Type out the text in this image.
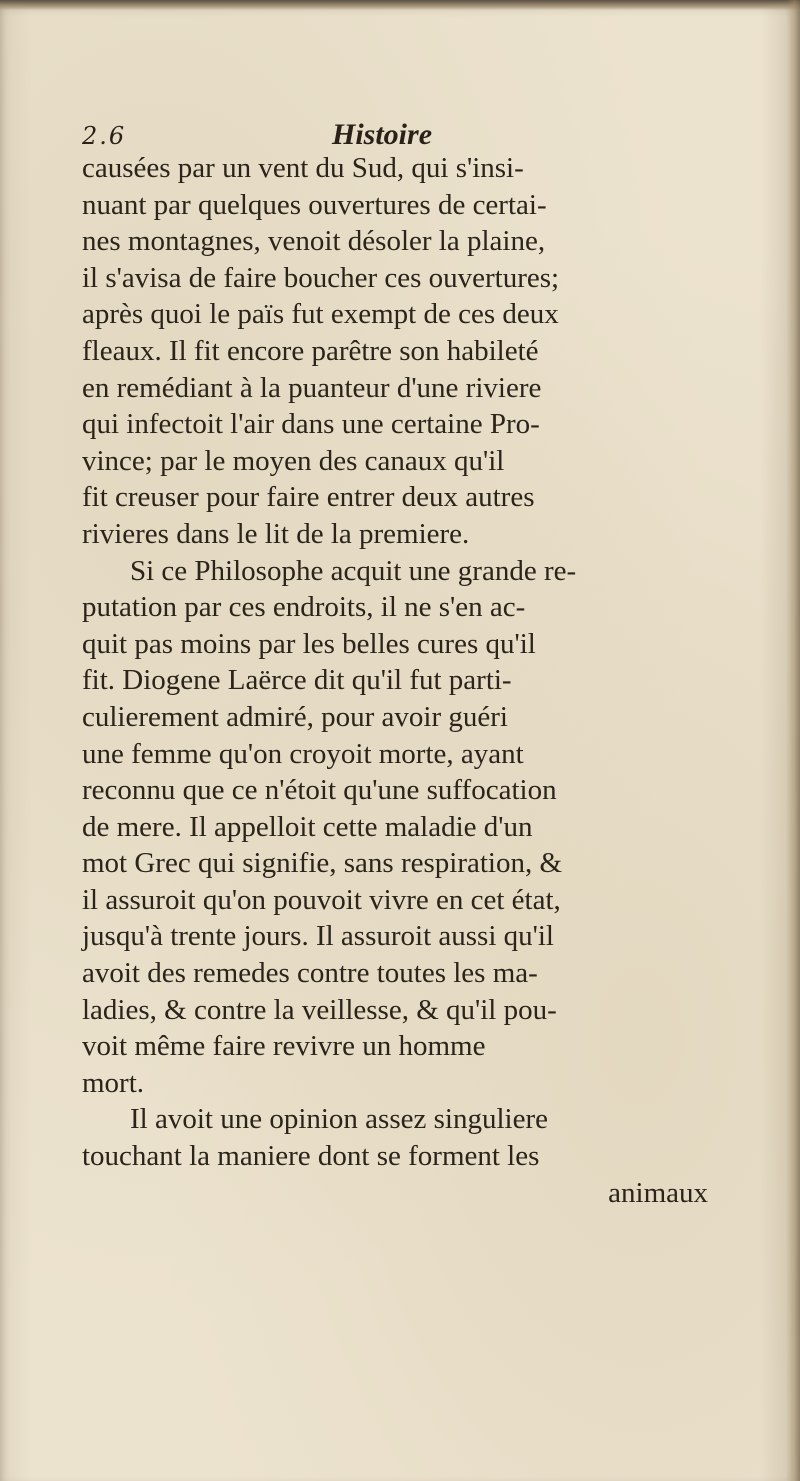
2.6	Histoire
causées par un vent du Sud, qui s'insi-
nuant par quelques ouvertures de certai-
nes montagnes, venoit désoler la plaine,
il s'avisa de faire boucher ces ouvertures;
après quoi le païs fut exempt de ces deux
fleaux. Il fit encore parêtre son habileté
en remédiant à la puanteur d'une riviere
qui infectoit l'air dans une certaine Pro-
vince; par le moyen des canaux qu'il
fit creuser pour faire entrer deux autres
rivieres dans le lit de la premiere.
Si ce Philosophe acquit une grande re-
putation par ces endroits, il ne s'en ac-
quit pas moins par les belles cures qu'il
fit. Diogene Laërce dit qu'il fut parti-
culierement admiré, pour avoir guéri
une femme qu'on croyoit morte, ayant
reconnu que ce n'étoit qu'une suffocation
de mere. Il appelloit cette maladie d'un
mot Grec qui signifie, sans respiration, &
il assuroit qu'on pouvoit vivre en cet état,
jusqu'à trente jours. Il assuroit aussi qu'il
avoit des remedes contre toutes les ma-
ladies, & contre la veillesse, & qu'il pou-
voit même faire revivre un homme
mort.
Il avoit une opinion assez singuliere
touchant la maniere dont se forment les
animaux
